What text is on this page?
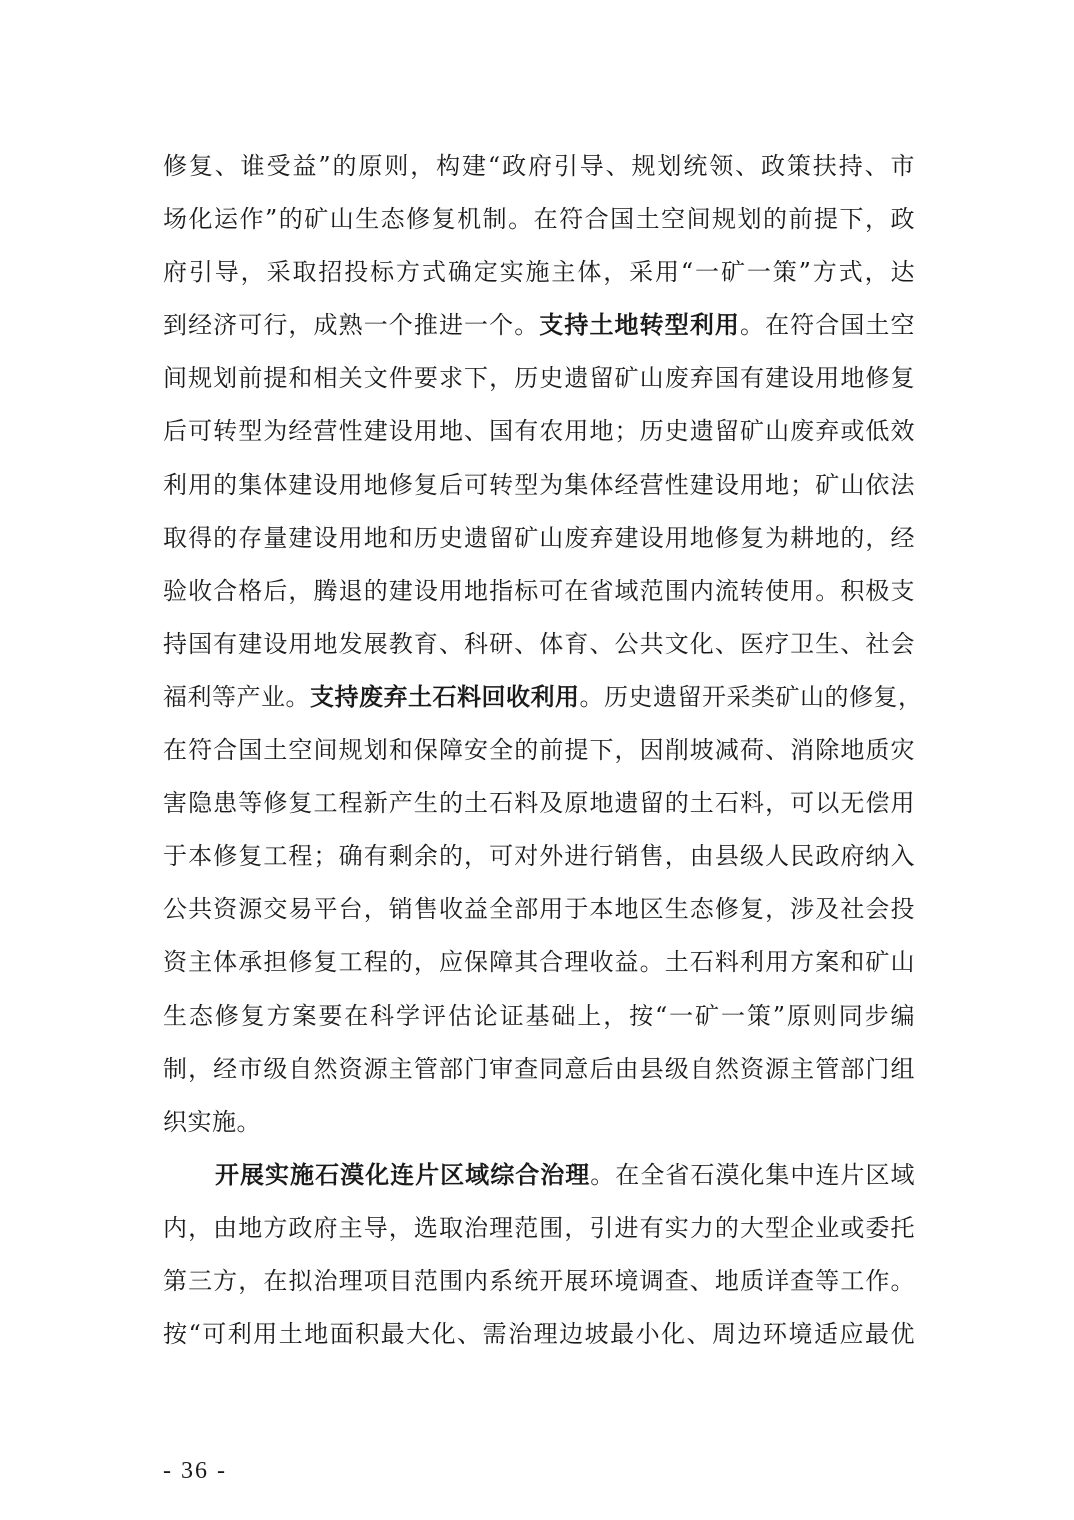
修复、谁受益”的原则，构建“政府引导、规划统领、政策扶持、市
场化运作”的矿山生态修复机制。在符合国土空间规划的前提下，政
府引导，采取招投标方式确定实施主体，采用“一矿一策”方式，达
到经济可行，成熟一个推进一个。支持土地转型利用。在符合国土空
间规划前提和相关文件要求下，历史遗留矿山废弃国有建设用地修复
后可转型为经营性建设用地、国有农用地；历史遗留矿山废弃或低效
利用的集体建设用地修复后可转型为集体经营性建设用地；矿山依法
取得的存量建设用地和历史遗留矿山废弃建设用地修复为耕地的，经
验收合格后，腾退的建设用地指标可在省域范围内流转使用。积极支
持国有建设用地发展教育、科研、体育、公共文化、医疗卫生、社会
福利等产业。支持废弃土石料回收利用。历史遗留开采类矿山的修复，
在符合国土空间规划和保障安全的前提下，因削坡减荷、消除地质灾
害隐患等修复工程新产生的土石料及原地遗留的土石料，可以无偿用
于本修复工程；确有剩余的，可对外进行销售，由县级人民政府纳入
公共资源交易平台，销售收益全部用于本地区生态修复，涉及社会投
资主体承担修复工程的，应保障其合理收益。土石料利用方案和矿山
生态修复方案要在科学评估论证基础上，按“一矿一策”原则同步编
制，经市级自然资源主管部门审查同意后由县级自然资源主管部门组
织实施。
开展实施石漠化连片区域综合治理。在全省石漠化集中连片区域
内，由地方政府主导，选取治理范围，引进有实力的大型企业或委托
第三方，在拟治理项目范围内系统开展环境调查、地质详查等工作。
按“可利用土地面积最大化、需治理边坡最小化、周边环境适应最优
- 36 -
